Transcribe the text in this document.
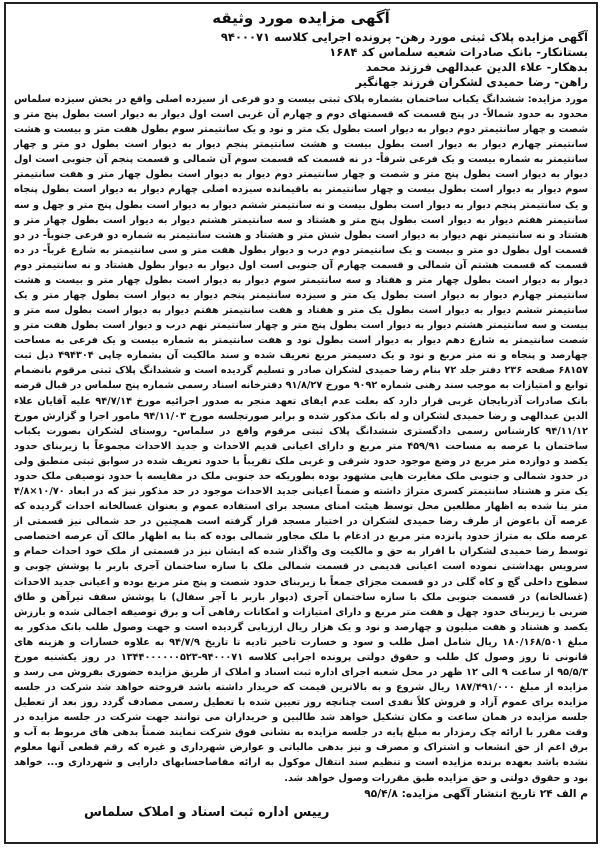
آگهی مزایده مورد وثیقه
آگهی مزایده پلاک ثبتی مورد رهن- پرونده اجرایی کلاسه ۹۴۰۰۰۷۱
بستانکار- بانک صادرات شعبه سلماس کد ۱۶۸۴
بدهکار- علاء الدین عبدالهی فرزند محمد
راهن- رضا حمیدی لشکران فرزند جهانگیر

مورد مزایده: ششدانگ یکباب ساختمان بشماره پلاک ثبتی بیست و دو فرعی از سیزده اصلی واقع در بخش سیزده سلماس محدود به حدود شمالاً- در پنج قسمت که قسمتهای دوم و چهارم آن غربی است اول دیوار به دیوار است بطول پنج متر و شصت و چهار سانتیمتر دوم دیوار به دیوار است بطول یک متر و نود و یک سانتیمتر سوم بطول هفت متر و بیست و هشت سانتیمتر چهارم دیوار به دیوار است بطول بیست و هشت سانتیمتر پنجم دیوار به دیوار است بطول دو متر و چهار سانتیمتر به شماره بیست و یک فرعی شرقاً- در نه قسمت که قسمت سوم آن شمالی و قسمت پنجم آن جنوبی است اول دیوار به دیوار است بطول پنج متر و شصت و چهار سانتیمتر دوم دیوار به دیوار است بطول چهار متر و هفت سانتیمتر سوم دیوار به دیوار است بطول بیست و چهار سانتیمتر به باقیمانده سیزده اصلی چهارم دیوار به دیوار است بطول پنجاه و یک سانتیمتر پنجم دیوار به دیوار است بطول بیست و نه سانتیمتر ششم دیوار به دیوار است بطول پنج متر و چهل و سه سانتیمتر هفتم دیوار به دیوار است بطول پنج متر و هشتاد و سه سانتیمتر هشتم دیوار به دیوار است بطول چهار متر و هشتاد و نه سانتیمتر نهم دیوار به دیوار است بطول شش متر و هشتاد و هشت سانتیمتر به شماره دو فرعی جنوباً- در دو قسمت اول بطول دو متر و بیست و یک سانتیمتر دوم درب و دیوار بطول هفت متر و سی سانتیمتر به شارع غرباً- در ده قسمت که قسمت هشتم آن شمالی و قسمت چهارم آن جنوبی است اول دیوار به دیوار بطول هشتاد و نه سانتیمتر دوم دیوار به دیوار است بطول چهار متر و هفتاد و سه سانتیمتر سوم دیوار به دیوار است بطول چهار متر و بیست و هشت سانتیمتر چهارم دیوار به دیوار است بطول یک متر و سیزده سانتیمتر پنجم دیوار به دیوار است بطول چهار متر و یک سانتیمتر ششم دیوار به دیوار است بطول یک متر و هفتاد و هفت سانتیمتر هفتم دیوار به دیوار است بطول سه متر و بیست و سه سانتیمتر هشتم دیوار به دیوار است بطول پنج متر و چهار سانتیمتر نهم درب و دیوار است بطول هفت متر و شصت سانتیمتر به شارع دهم دیوار به دیوار است بطول نود و هفت سانتیمتر به شماره بیست و یک فرعی به مساحت چهارصد و پنجاه و نه متر مربع و نود و یک دسیمتر مربع تعریف شده و سند مالکیت آن بشماره چاپی ۴۹۴۳۰۴ ذیل ثبت ۶۸۱۵۷ صفحه ۲۳۶ دفتر جلد ۷۲ بنام رضا حمیدی لشکران صادر و تسلیم گردیده است و ششدانگ پلاک ثبتی مرقوم بانضمام توابع و امتیازات به موجب سند رهنی شماره ۹۰۹۲ مورخ ۹۱/۸/۲۷ دفترخانه اسناد رسمی شماره پنج سلماس در قبال قرضه بانک صادرات آذربایجان غربی قرار دارد که بعلت عدم ایفای تعهد منجر به صدور اجرائیه مورخ ۹۴/۷/۱۴ علیه آقایان علاء الدین عبدالهی و رضا حمیدی لشکران و له بانک مذکور شده و برابر صورتجلسه مورخ ۹۴/۱۱/۰۳ مامور اجرا و گزارش مورخ ۹۴/۱۱/۱۲ کارشناس رسمی دادگستری ششدانگ پلاک ثبتی مرقوم واقع در سلماس- روستای لشکران بصورت یکباب ساختمان با عرصه به مساحت ۴۵۹/۹۱ متر مربع و دارای اعیانی قدیم الاحداث و جدید الاحداث مجموعاً با زیربنای حدود یکصد و دوازده متر مربع در وضع موجود حدود شرقی و غربی ملک تقریباً با حدود تعریف شده در سوابق ثبتی منطبق ولی در حدود شمالی و جنوبی ملک مغایرت هایی مشهود بوده بطوریکه حد جنوبی ملک در مقایسه با حدود توصیفی ملک حدود یک متر و هشتاد سانتیمتر کسری متراژ داشته و ضمناً اعیانی جدید الاحداث موجود در حد مذکور نیز که در ابعاد ۱۰/۷۰×۴/۸ متر بنا شده به اظهار مطلعین محل توسط هیئت امنای مسجد برای استفاده عموم و بعنوان غسالخانه احداث گردیده که عرصه آن باعوض از طرف رضا حمیدی لشکران در اختیار مسجد قرار گرفته است همچنین در حد شمالی نیز قسمتی از عرصه ملک به متراژ حدود پانزده متر مربع در ادغام با ملک مجاور شمالی بوده که بنا به اظهار مالک آن عرصه اختصاصی توسط رضا حمیدی لشکران با اقرار به حق و مالکیت وی واگذار شده که ایشان نیز در قسمتی از ملک خود احداث حمام و سرویس بهداشتی نموده است اعیانی قدیمی در قسمت شمالی ملک با سازه ساختمان آجری باربر با پوشش چوبی و سطوح داخلی گچ و کاه گلی در دو قسمت مجزای جمعاً با زیربنای حدود شصت و پنج متر مربع بوده و اعیانی جدید الاحداث (غسالخانه) در قسمت جنوبی ملک با سازه ساختمان آجری (دیوار باربر با آجر سفال) با پوشش سقف تیرآهن و طاق ضربی با زیربنای حدود چهل و هفت متر مربع و دارای امتیازات و امکانات رفاهی آب و برق توصیفه اجمالی شده و بارزش یکصد و هشتاد و هفت میلیون و چهارصد و نود و یک هزار ریال ارزیابی گردیده است و جهت وصول طلب بانک مذکور به مبلغ ۱۸۰/۱۶۸/۵۰۱ ریال شامل اصل طلب و سود و خسارت تاخیر تادیه تا تاریخ ۹۴/۷/۹ به علاوه خسارات و هزینه های قانونی تا روز وصول کل طلب و حقوق دولتی پرونده اجرایی کلاسه ۹۴۰۰۰۷۱-۱۳۴۴۰۰۰۰۰۰۵۲۳ در روز یکشنبه مورخ ۹۵/۵/۳ از ساعت ۹ الی ۱۲ ظهر در محل شعبه اجرای اداره ثبت اسناد و املاک از طریق مزایده حضوری بفروش می رسد و مزایده از مبلغ ۱۸۷/۴۹۱/۰۰۰ ریال شروع و به بالاترین قیمت که خریدار داشته باشد فروخته خواهد شد شرکت در جلسه مزایده برای عموم آزاد و فروش کلاً نقدی است چنانچه روز تعیین شده با تعطیل رسمی مصادف گردد روز بعد از تعطیل جلسه مزایده در همان ساعت و مکان تشکیل خواهد شد طالبین و خریداران می توانند جهت شرکت در جلسه مزایده در وقت مقرر با ارائه چک رمزدار به مبلغ پایه در جلسه مزایده به نشانی فوق شرکت نمایند ضمناً بدهی های مربوط به آب و برق اعم از حق انشعاب و اشتراک و مصرف و نیز بدهی مالیاتی و عوارض شهرداری و غیره که رقم قطعی آنها معلوم نشده باشد بعهده برنده مزایده است و تنظیم سند انتقال موکول به ارائه مفاصاحسابهای دارایی و شهرداری و... خواهد بود و حقوق دولتی و حق مزایده طبق مقررات وصول خواهد شد.

م الف ۲۴ تاریخ انتشار آگهی مزایده: ۹۵/۴/۸
رییس اداره ثبت اسناد و املاک سلماس
